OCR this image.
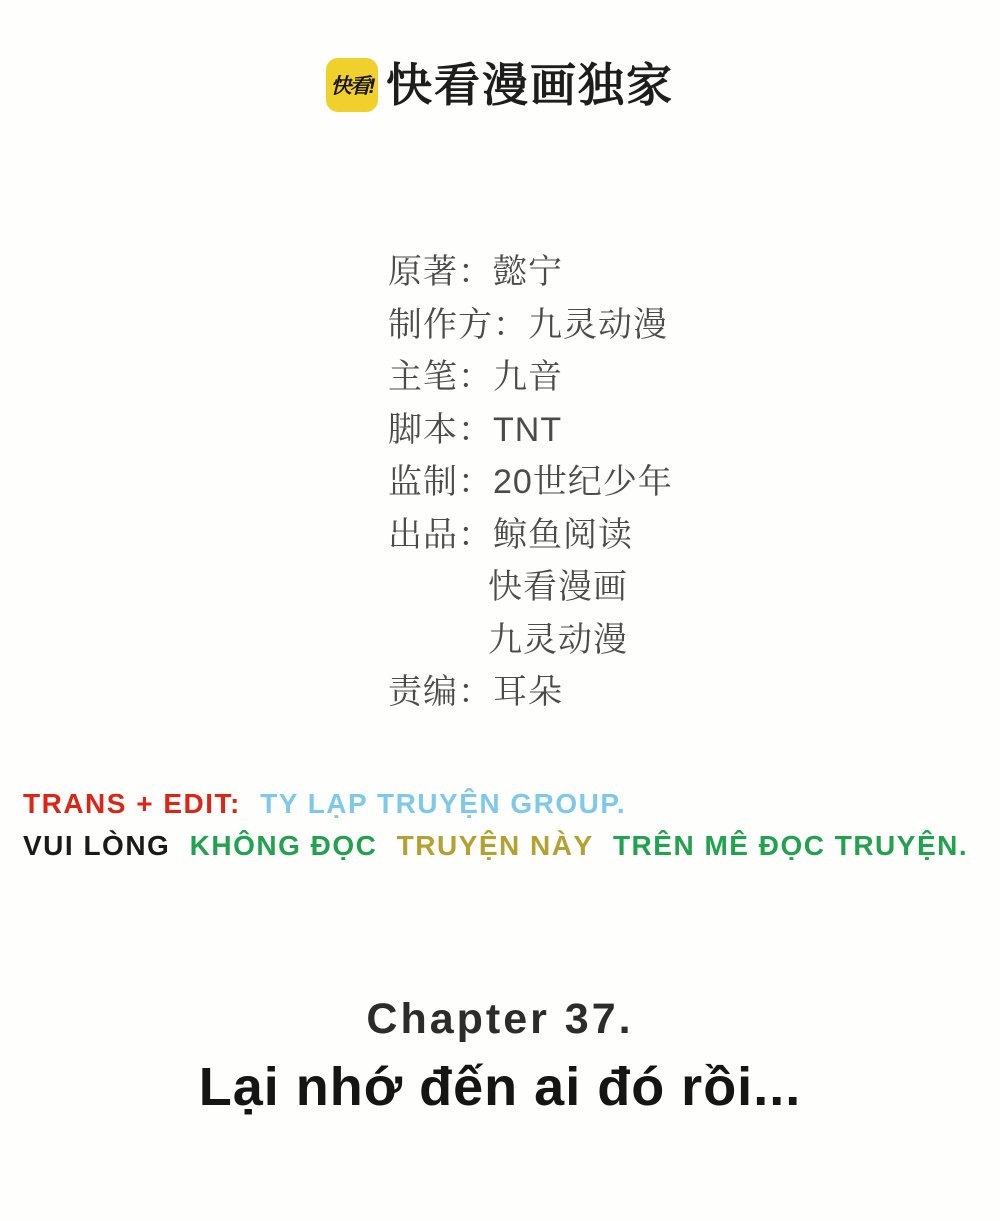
快看! 快看漫画独家
原著：懿宁
制作方：九灵动漫
主笔：九音
脚本：TNT
监制：20世纪少年
出品：鲸鱼阅读
快看漫画
九灵动漫
责编：耳朵

TRANS + EDIT: TY LẠP TRUYỆN GROUP.

VUI LÒNG KHÔNG ĐỌC TRUYỆN NÀY TRÊN MÊ ĐỌC TRUYỆN.

Chapter 37.
Lại nhớ đến ai đó rồi...
